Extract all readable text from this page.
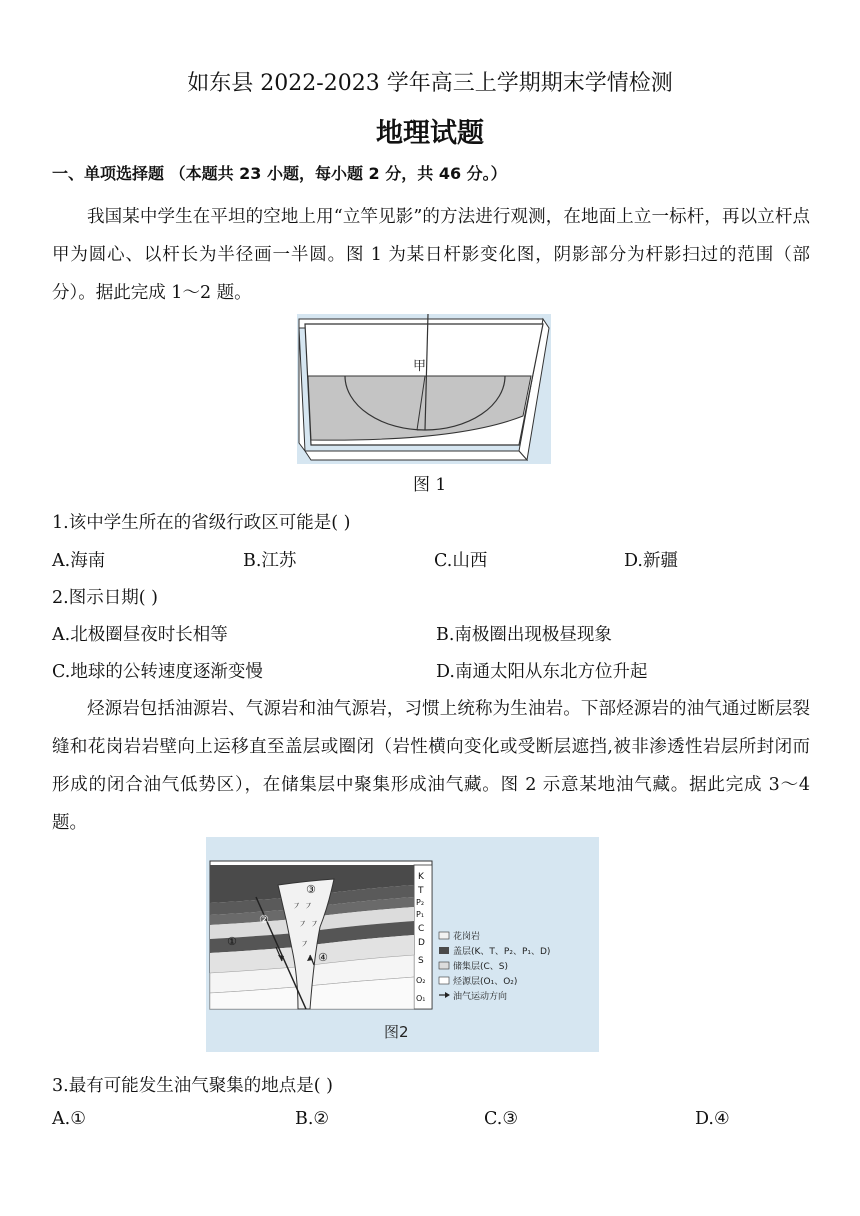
如东县 2022-2023 学年高三上学期期末学情检测
地理试题
一、单项选择题 （本题共 23 小题，每小题 2 分，共 46 分。）
我国某中学生在平坦的空地上用“立竿见影”的方法进行观测，在地面上立一标杆，再以立杆点甲为圆心、以杆长为半径画一半圆。图 1 为某日杆影变化图，阴影部分为杆影扫过的范围（部分）。据此完成 1～2 题。
甲
图 1
1.该中学生所在的省级行政区可能是( )
A.海南	B.江苏	C.山西	D.新疆
2.图示日期( )
A.北极圈昼夜时长相等	B.南极圈出现极昼现象
C.地球的公转速度逐渐变慢	D.南通太阳从东北方位升起
烃源岩包括油源岩、气源岩和油气源岩，习惯上统称为生油岩。下部烃源岩的油气通过断层裂缝和花岗岩岩壁向上运移直至盖层或圈闭（岩性横向变化或受断层遮挡,被非渗透性岩层所封闭而形成的闭合油气低势区），在储集层中聚集形成油气藏。图 2 示意某地油气藏。据此完成 3～4 题。
㇇ ㇇
㇇ ㇇
㇇
③
②
①
④
K
T
P₂
P₁
C
D
S
O₂
O₁
花岗岩
盖层(K、T、P₂、P₁、D)
储集层(C、S)
烃源层(O₁、O₂)
油气运动方向
图2
3.最有可能发生油气聚集的地点是( )
A.①	B.②	C.③	D.④
